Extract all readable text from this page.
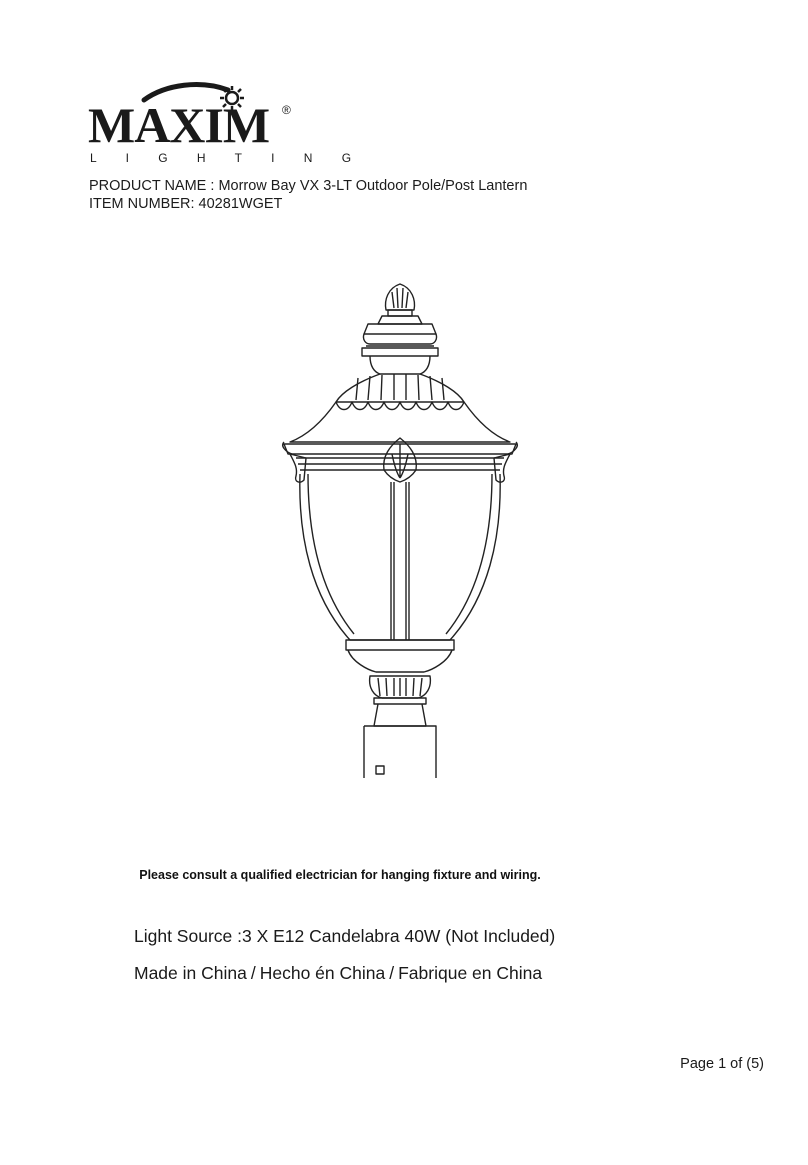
MAXIM ®
L I G H T I N G
PRODUCT NAME : Morrow Bay VX 3-LT Outdoor Pole/Post Lantern
ITEM NUMBER: 40281WGET
Please consult a qualified electrician for hanging fixture and wiring.
Light Source :3 X E12 Candelabra 40W (Not Included)
Made in China / Hecho én China / Fabrique en China
Page 1 of (5)
